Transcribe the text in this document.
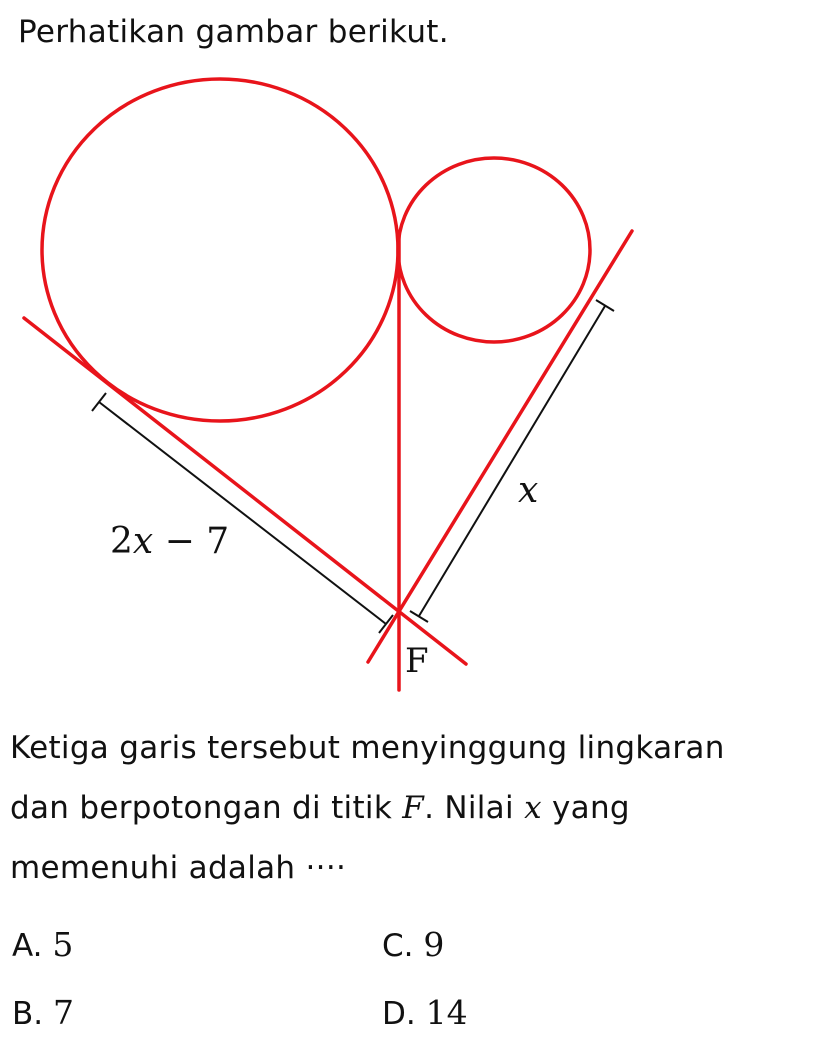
Perhatikan gambar berikut.
2x − 7
x
F
Ketiga garis tersebut menyinggung lingkaran
dan berpotongan di titik F. Nilai x yang
memenuhi adalah ····
A. 5	C. 9
B. 7	D. 14
